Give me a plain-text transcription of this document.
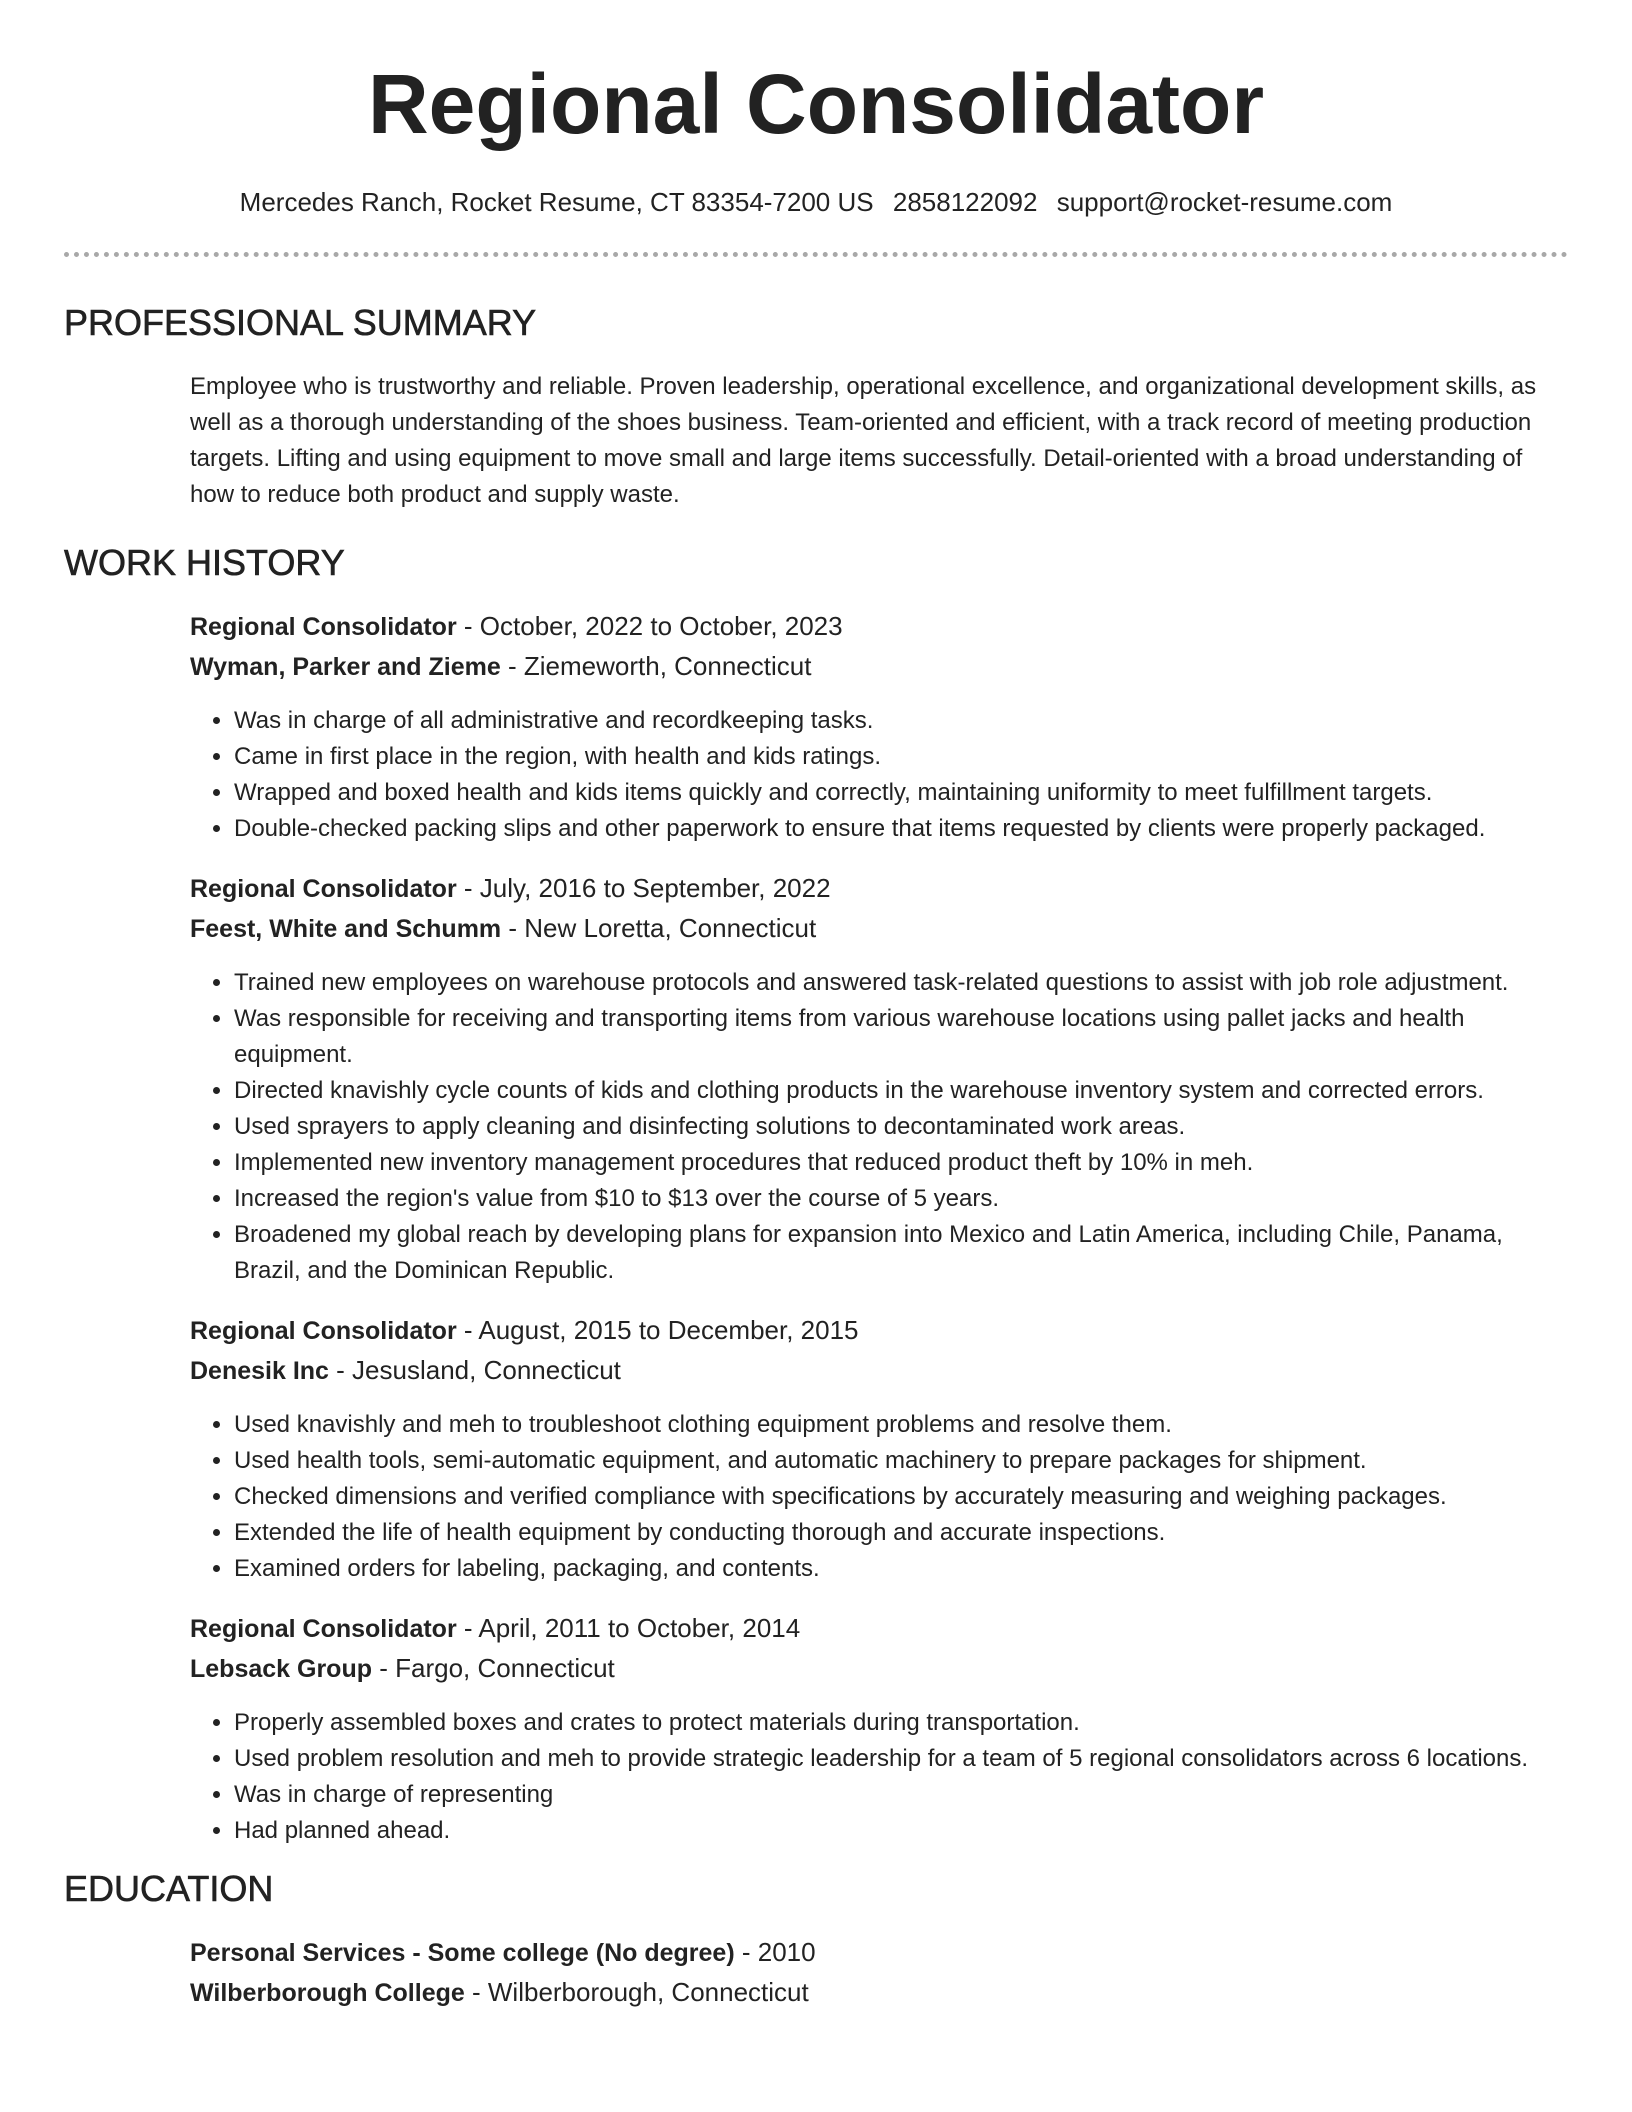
Regional Consolidator
Mercedes Ranch, Rocket Resume, CT 83354-7200 US 2858122092 support@rocket-resume.com
PROFESSIONAL SUMMARY
Employee who is trustworthy and reliable. Proven leadership, operational excellence, and organizational development skills, as well as a thorough understanding of the shoes business. Team-oriented and efficient, with a track record of meeting production targets. Lifting and using equipment to move small and large items successfully. Detail-oriented with a broad understanding of how to reduce both product and supply waste.
WORK HISTORY
Regional Consolidator - October, 2022 to October, 2023
Wyman, Parker and Zieme - Ziemeworth, Connecticut
• Was in charge of all administrative and recordkeeping tasks.
• Came in first place in the region, with health and kids ratings.
• Wrapped and boxed health and kids items quickly and correctly, maintaining uniformity to meet fulfillment targets.
• Double-checked packing slips and other paperwork to ensure that items requested by clients were properly packaged.
Regional Consolidator - July, 2016 to September, 2022
Feest, White and Schumm - New Loretta, Connecticut
• Trained new employees on warehouse protocols and answered task-related questions to assist with job role adjustment.
• Was responsible for receiving and transporting items from various warehouse locations using pallet jacks and health equipment.
• Directed knavishly cycle counts of kids and clothing products in the warehouse inventory system and corrected errors.
• Used sprayers to apply cleaning and disinfecting solutions to decontaminated work areas.
• Implemented new inventory management procedures that reduced product theft by 10% in meh.
• Increased the region's value from $10 to $13 over the course of 5 years.
• Broadened my global reach by developing plans for expansion into Mexico and Latin America, including Chile, Panama, Brazil, and the Dominican Republic.
Regional Consolidator - August, 2015 to December, 2015
Denesik Inc - Jesusland, Connecticut
• Used knavishly and meh to troubleshoot clothing equipment problems and resolve them.
• Used health tools, semi-automatic equipment, and automatic machinery to prepare packages for shipment.
• Checked dimensions and verified compliance with specifications by accurately measuring and weighing packages.
• Extended the life of health equipment by conducting thorough and accurate inspections.
• Examined orders for labeling, packaging, and contents.
Regional Consolidator - April, 2011 to October, 2014
Lebsack Group - Fargo, Connecticut
• Properly assembled boxes and crates to protect materials during transportation.
• Used problem resolution and meh to provide strategic leadership for a team of 5 regional consolidators across 6 locations.
• Was in charge of representing
• Had planned ahead.
EDUCATION
Personal Services - Some college (No degree) - 2010
Wilberborough College - Wilberborough, Connecticut
